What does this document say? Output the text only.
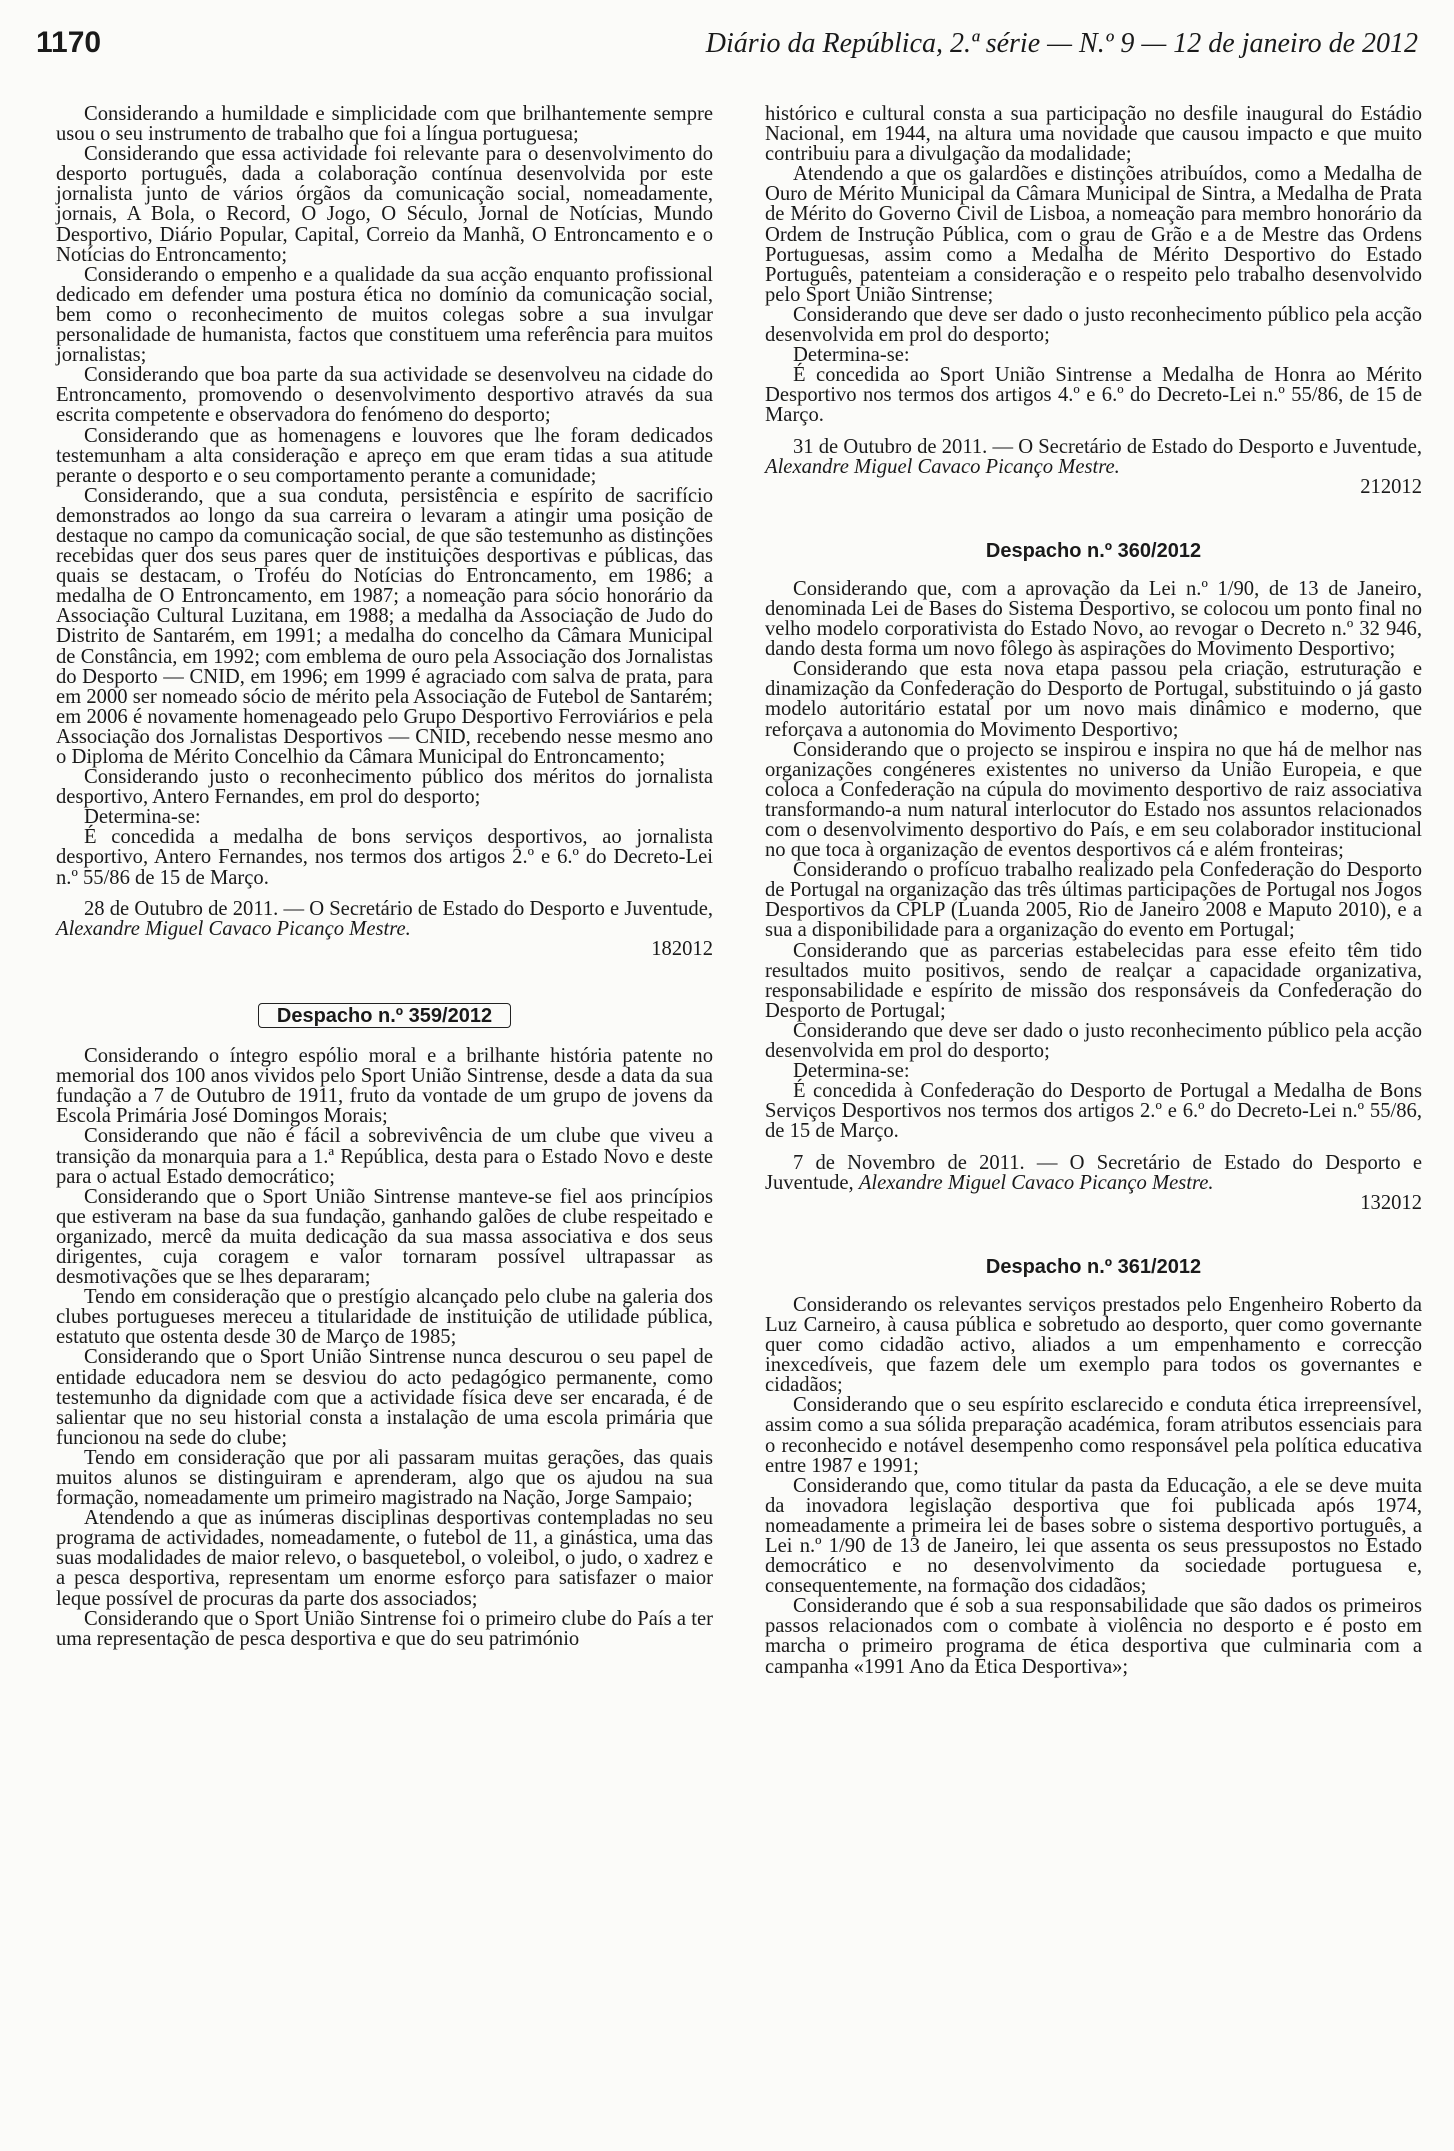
1170	Diário da República, 2.ª série — N.º 9 — 12 de janeiro de 2012

Considerando a humildade e simplicidade com que brilhantemente sempre usou o seu instrumento de trabalho que foi a língua portuguesa;

Considerando que essa actividade foi relevante para o desenvolvimento do desporto português, dada a colaboração contínua desenvolvida por este jornalista junto de vários órgãos da comunicação social, nomeadamente, jornais, A Bola, o Record, O Jogo, O Século, Jornal de Notícias, Mundo Desportivo, Diário Popular, Capital, Correio da Manhã, O Entroncamento e o Notícias do Entroncamento;

Considerando o empenho e a qualidade da sua acção enquanto profissional dedicado em defender uma postura ética no domínio da comunicação social, bem como o reconhecimento de muitos colegas sobre a sua invulgar personalidade de humanista, factos que constituem uma referência para muitos jornalistas;

Considerando que boa parte da sua actividade se desenvolveu na cidade do Entroncamento, promovendo o desenvolvimento desportivo através da sua escrita competente e observadora do fenómeno do desporto;

Considerando que as homenagens e louvores que lhe foram dedicados testemunham a alta consideração e apreço em que eram tidas a sua atitude perante o desporto e o seu comportamento perante a comunidade;

Considerando, que a sua conduta, persistência e espírito de sacrifício demonstrados ao longo da sua carreira o levaram a atingir uma posição de destaque no campo da comunicação social, de que são testemunho as distinções recebidas quer dos seus pares quer de instituições desportivas e públicas, das quais se destacam, o Troféu do Notícias do Entroncamento, em 1986; a medalha de O Entroncamento, em 1987; a nomeação para sócio honorário da Associação Cultural Luzitana, em 1988; a medalha da Associação de Judo do Distrito de Santarém, em 1991; a medalha do concelho da Câmara Municipal de Constância, em 1992; com emblema de ouro pela Associação dos Jornalistas do Desporto — CNID, em 1996; em 1999 é agraciado com salva de prata, para em 2000 ser nomeado sócio de mérito pela Associação de Futebol de Santarém; em 2006 é novamente homenageado pelo Grupo Desportivo Ferroviários e pela Associação dos Jornalistas Desportivos — CNID, recebendo nesse mesmo ano o Diploma de Mérito Concelhio da Câmara Municipal do Entroncamento;

Considerando justo o reconhecimento público dos méritos do jornalista desportivo, Antero Fernandes, em prol do desporto;

Determina-se:

É concedida a medalha de bons serviços desportivos, ao jornalista desportivo, Antero Fernandes, nos termos dos artigos 2.º e 6.º do Decreto-Lei n.º 55/86 de 15 de Março.

28 de Outubro de 2011. — O Secretário de Estado do Desporto e Juventude, Alexandre Miguel Cavaco Picanço Mestre.

182012

Despacho n.º 359/2012

Considerando o íntegro espólio moral e a brilhante história patente no memorial dos 100 anos vividos pelo Sport União Sintrense, desde a data da sua fundação a 7 de Outubro de 1911, fruto da vontade de um grupo de jovens da Escola Primária José Domingos Morais;

Considerando que não é fácil a sobrevivência de um clube que viveu a transição da monarquia para a 1.ª República, desta para o Estado Novo e deste para o actual Estado democrático;

Considerando que o Sport União Sintrense manteve-se fiel aos princípios que estiveram na base da sua fundação, ganhando galões de clube respeitado e organizado, mercê da muita dedicação da sua massa associativa e dos seus dirigentes, cuja coragem e valor tornaram possível ultrapassar as desmotivações que se lhes depararam;

Tendo em consideração que o prestígio alcançado pelo clube na galeria dos clubes portugueses mereceu a titularidade de instituição de utilidade pública, estatuto que ostenta desde 30 de Março de 1985;

Considerando que o Sport União Sintrense nunca descurou o seu papel de entidade educadora nem se desviou do acto pedagógico permanente, como testemunho da dignidade com que a actividade física deve ser encarada, é de salientar que no seu historial consta a instalação de uma escola primária que funcionou na sede do clube;

Tendo em consideração que por ali passaram muitas gerações, das quais muitos alunos se distinguiram e aprenderam, algo que os ajudou na sua formação, nomeadamente um primeiro magistrado na Nação, Jorge Sampaio;

Atendendo a que as inúmeras disciplinas desportivas contempladas no seu programa de actividades, nomeadamente, o futebol de 11, a ginástica, uma das suas modalidades de maior relevo, o basquetebol, o voleibol, o judo, o xadrez e a pesca desportiva, representam um enorme esforço para satisfazer o maior leque possível de procuras da parte dos associados;

Considerando que o Sport União Sintrense foi o primeiro clube do País a ter uma representação de pesca desportiva e que do seu património

histórico e cultural consta a sua participação no desfile inaugural do Estádio Nacional, em 1944, na altura uma novidade que causou impacto e que muito contribuiu para a divulgação da modalidade;

Atendendo a que os galardões e distinções atribuídos, como a Medalha de Ouro de Mérito Municipal da Câmara Municipal de Sintra, a Medalha de Prata de Mérito do Governo Civil de Lisboa, a nomeação para membro honorário da Ordem de Instrução Pública, com o grau de Grão e a de Mestre das Ordens Portuguesas, assim como a Medalha de Mérito Desportivo do Estado Português, patenteiam a consideração e o respeito pelo trabalho desenvolvido pelo Sport União Sintrense;

Considerando que deve ser dado o justo reconhecimento público pela acção desenvolvida em prol do desporto;

Determina-se:

É concedida ao Sport União Sintrense a Medalha de Honra ao Mérito Desportivo nos termos dos artigos 4.º e 6.º do Decreto-Lei n.º 55/86, de 15 de Março.

31 de Outubro de 2011. — O Secretário de Estado do Desporto e Juventude, Alexandre Miguel Cavaco Picanço Mestre.

212012

Despacho n.º 360/2012

Considerando que, com a aprovação da Lei n.º 1/90, de 13 de Janeiro, denominada Lei de Bases do Sistema Desportivo, se colocou um ponto final no velho modelo corporativista do Estado Novo, ao revogar o Decreto n.º 32 946, dando desta forma um novo fôlego às aspirações do Movimento Desportivo;

Considerando que esta nova etapa passou pela criação, estruturação e dinamização da Confederação do Desporto de Portugal, substituindo o já gasto modelo autoritário estatal por um novo mais dinâmico e moderno, que reforçava a autonomia do Movimento Desportivo;

Considerando que o projecto se inspirou e inspira no que há de melhor nas organizações congéneres existentes no universo da União Europeia, e que coloca a Confederação na cúpula do movimento desportivo de raiz associativa transformando-a num natural interlocutor do Estado nos assuntos relacionados com o desenvolvimento desportivo do País, e em seu colaborador institucional no que toca à organização de eventos desportivos cá e além fronteiras;

Considerando o profícuo trabalho realizado pela Confederação do Desporto de Portugal na organização das três últimas participações de Portugal nos Jogos Desportivos da CPLP (Luanda 2005, Rio de Janeiro 2008 e Maputo 2010), e a sua a disponibilidade para a organização do evento em Portugal;

Considerando que as parcerias estabelecidas para esse efeito têm tido resultados muito positivos, sendo de realçar a capacidade organizativa, responsabilidade e espírito de missão dos responsáveis da Confederação do Desporto de Portugal;

Considerando que deve ser dado o justo reconhecimento público pela acção desenvolvida em prol do desporto;

Determina-se:

É concedida à Confederação do Desporto de Portugal a Medalha de Bons Serviços Desportivos nos termos dos artigos 2.º e 6.º do Decreto-Lei n.º 55/86, de 15 de Março.

7 de Novembro de 2011. — O Secretário de Estado do Desporto e Juventude, Alexandre Miguel Cavaco Picanço Mestre.

132012

Despacho n.º 361/2012

Considerando os relevantes serviços prestados pelo Engenheiro Roberto da Luz Carneiro, à causa pública e sobretudo ao desporto, quer como governante quer como cidadão activo, aliados a um empenhamento e correcção inexcedíveis, que fazem dele um exemplo para todos os governantes e cidadãos;

Considerando que o seu espírito esclarecido e conduta ética irrepreensível, assim como a sua sólida preparação académica, foram atributos essenciais para o reconhecido e notável desempenho como responsável pela política educativa entre 1987 e 1991;

Considerando que, como titular da pasta da Educação, a ele se deve muita da inovadora legislação desportiva que foi publicada após 1974, nomeadamente a primeira lei de bases sobre o sistema desportivo português, a Lei n.º 1/90 de 13 de Janeiro, lei que assenta os seus pressupostos no Estado democrático e no desenvolvimento da sociedade portuguesa e, consequentemente, na formação dos cidadãos;

Considerando que é sob a sua responsabilidade que são dados os primeiros passos relacionados com o combate à violência no desporto e é posto em marcha o primeiro programa de ética desportiva que culminaria com a campanha «1991 Ano da Ética Desportiva»;
